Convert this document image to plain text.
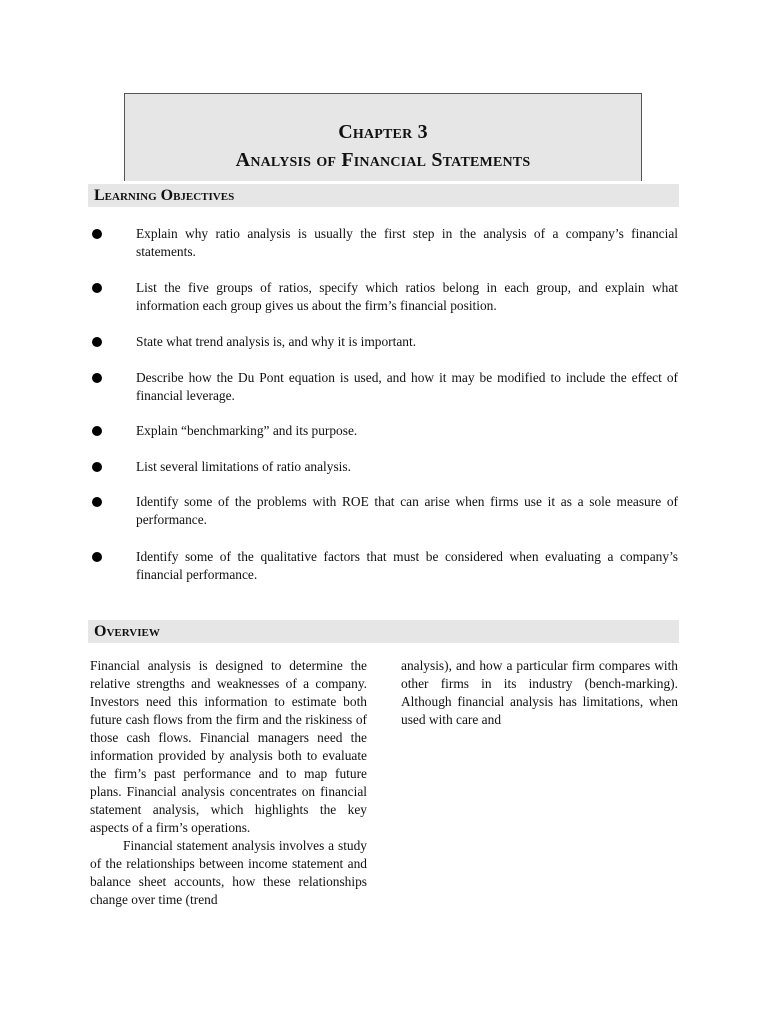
Chapter 3
Analysis of Financial Statements
Learning Objectives

Explain why ratio analysis is usually the first step in the analysis of a company’s financial statements.

List the five groups of ratios, specify which ratios belong in each group, and explain what information each group gives us about the firm’s financial position.

State what trend analysis is, and why it is important.

Describe how the Du Pont equation is used, and how it may be modified to include the effect of financial leverage.

Explain “benchmarking” and its purpose.

List several limitations of ratio analysis.

Identify some of the problems with ROE that can arise when firms use it as a sole measure of performance.

Identify some of the qualitative factors that must be considered when evaluating a company’s financial performance.

Overview

Financial analysis is designed to determine the relative strengths and weaknesses of a company. Investors need this information to estimate both future cash flows from the firm and the riskiness of those cash flows. Financial managers need the information provided by analysis both to evaluate the firm’s past performance and to map future plans. Financial analysis concentrates on financial statement analysis, which highlights the key aspects of a firm’s operations.

Financial statement analysis involves a study of the relationships between income statement and balance sheet accounts, how these relationships change over time (trend

analysis), and how a particular firm compares with other firms in its industry (bench-marking). Although financial analysis has limitations, when used with care and
